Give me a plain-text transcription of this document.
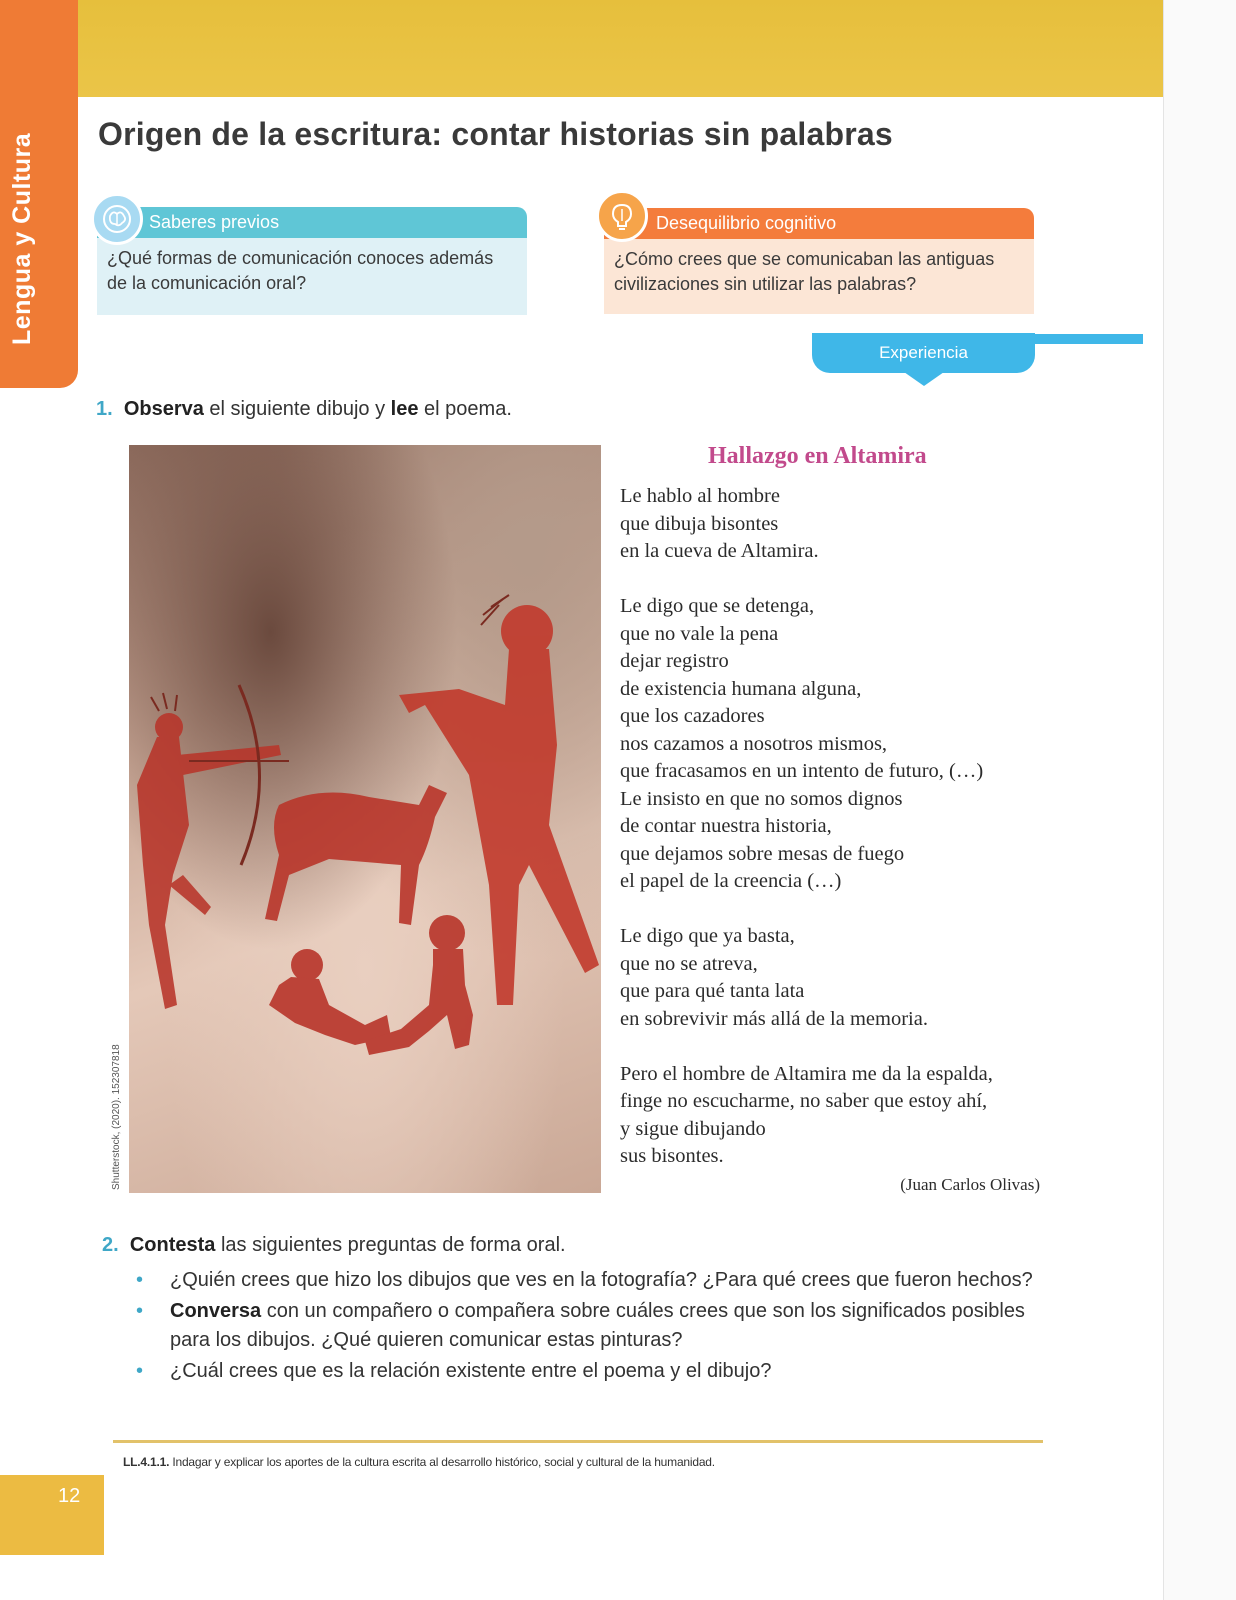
Lengua y Cultura Origen de la escritura: contar historias sin palabras
¿Qué formas de comunicación conoces además de la comunicación oral?
Saberes previos
¿Cómo crees que se comunicaban las antiguas civilizaciones sin utilizar las palabras?
Desequilibrio cognitivo
Experiencia
1. Observa el siguiente dibujo y lee el poema.
Shutterstock, (2020). 152307818
Hallazgo en Altamira
Le hablo al hombre
que dibuja bisontes
en la cueva de Altamira.
Le digo que se detenga,
que no vale la pena
dejar registro
de existencia humana alguna,
que los cazadores
nos cazamos a nosotros mismos,
que fracasamos en un intento de futuro, (…)
Le insisto en que no somos dignos
de contar nuestra historia,
que dejamos sobre mesas de fuego
el papel de la creencia (…)
Le digo que ya basta,
que no se atreva,
que para qué tanta lata
en sobrevivir más allá de la memoria.
Pero el hombre de Altamira me da la espalda,
finge no escucharme, no saber que estoy ahí,
y sigue dibujando
sus bisontes.
(Juan Carlos Olivas)
2. Contesta las siguientes preguntas de forma oral.
• ¿Quién crees que hizo los dibujos que ves en la fotografía? ¿Para qué crees que fueron hechos?
• Conversa con un compañero o compañera sobre cuáles crees que son los significados posibles para los dibujos. ¿Qué quieren comunicar estas pinturas?
• ¿Cuál crees que es la relación existente entre el poema y el dibujo?
LL.4.1.1. Indagar y explicar los aportes de la cultura escrita al desarrollo histórico, social y cultural de la humanidad.
12
